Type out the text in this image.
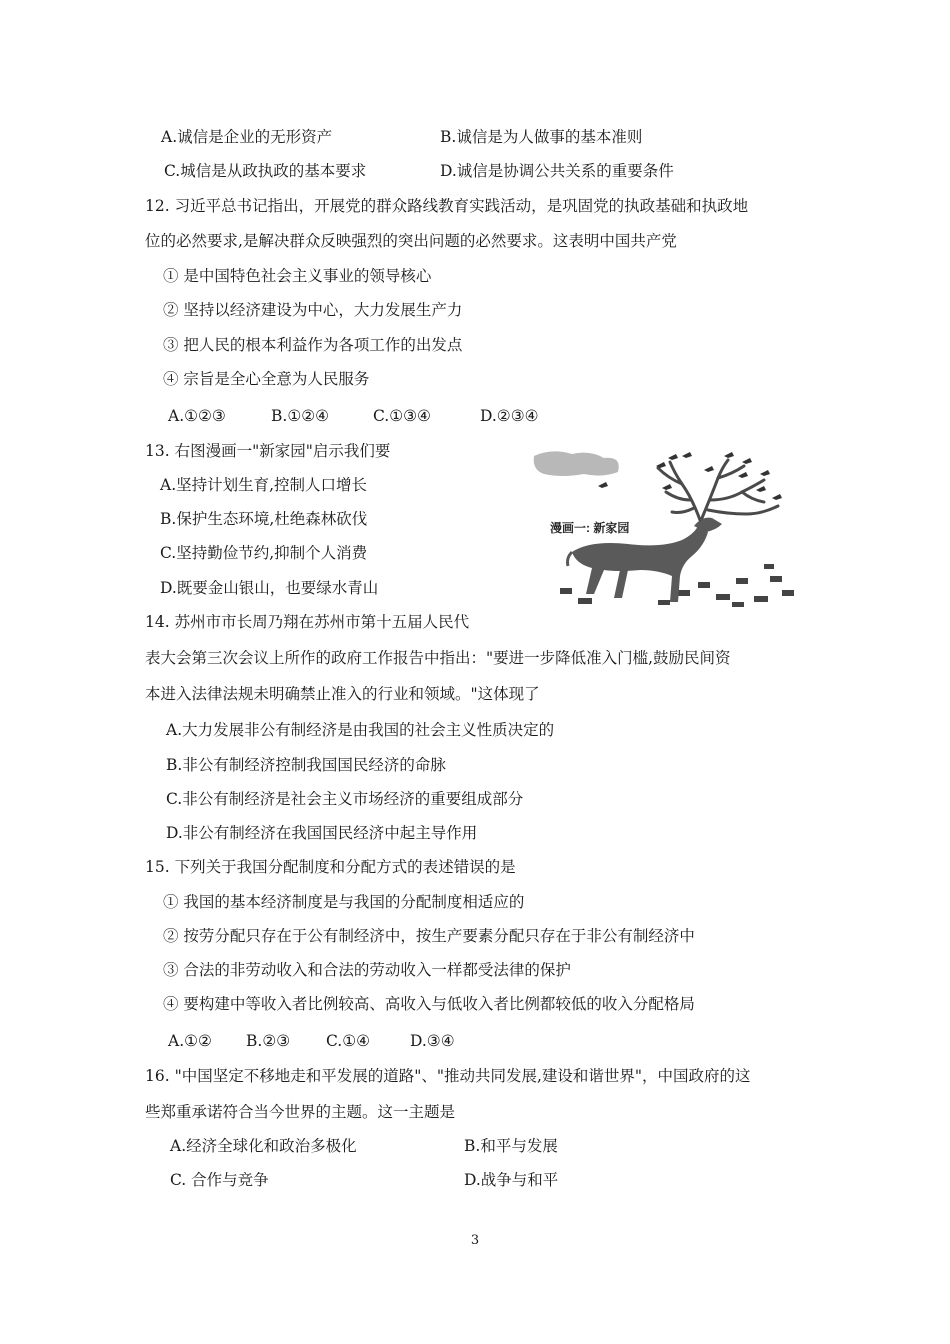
A.诚信是企业的无形资产	B.诚信是为人做事的基本准则
C.城信是从政执政的基本要求	D.诚信是协调公共关系的重要条件
12. 习近平总书记指出，开展党的群众路线教育实践活动，是巩固党的执政基础和执政地
位的必然要求,是解决群众反映强烈的突出问题的必然要求。这表明中国共产党
① 是中国特色社会主义事业的领导核心
② 坚持以经济建设为中心，大力发展生产力
③ 把人民的根本利益作为各项工作的出发点
④ 宗旨是全心全意为人民服务
A.①②③	B.①②④	C.①③④	D.②③④
13. 右图漫画一"新家园"启示我们要
A.坚持计划生育,控制人口增长
B.保护生态环境,杜绝森林砍伐
C.坚持勤俭节约,抑制个人消费
D.既要金山银山，也要绿水青山
漫画一: 新家园
14. 苏州市市长周乃翔在苏州市第十五届人民代
表大会第三次会议上所作的政府工作报告中指出："要进一步降低准入门槛,鼓励民间资
本进入法律法规未明确禁止准入的行业和领域。"这体现了
A.大力发展非公有制经济是由我国的社会主义性质决定的
B.非公有制经济控制我国国民经济的命脉
C.非公有制经济是社会主义市场经济的重要组成部分
D.非公有制经济在我国国民经济中起主导作用
15. 下列关于我国分配制度和分配方式的表述错误的是
① 我国的基本经济制度是与我国的分配制度相适应的
② 按劳分配只存在于公有制经济中，按生产要素分配只存在于非公有制经济中
③ 合法的非劳动收入和合法的劳动收入一样都受法律的保护
④ 要构建中等收入者比例较高、高收入与低收入者比例都较低的收入分配格局
A.①② B.②③ C.①④	D.③④
16. "中国坚定不移地走和平发展的道路"、"推动共同发展,建设和谐世界"，中国政府的这
些郑重承诺符合当今世界的主题。这一主题是
A.经济全球化和政治多极化	B.和平与发展
C. 合作与竞争	D.战争与和平
3
